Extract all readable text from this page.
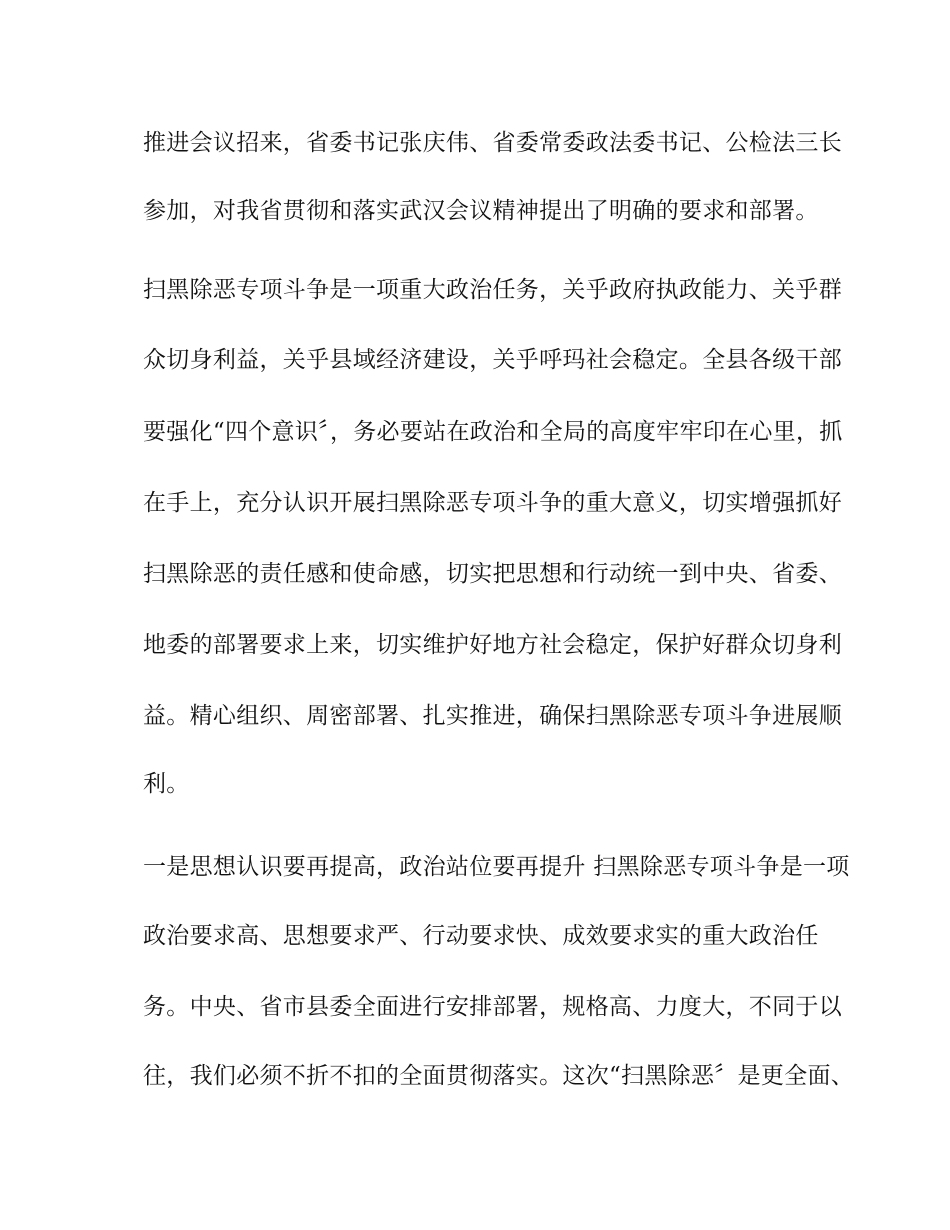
推进会议招来，省委书记张庆伟、省委常委政法委书记、公检法三长

参加，对我省贯彻和落实武汉会议精神提出了明确的要求和部署。

扫黑除恶专项斗争是一项重大政治任务，关乎政府执政能力、关乎群

众切身利益，关乎县域经济建设，关乎呼玛社会稳定。全县各级干部

要强化“四个意识〞，务必要站在政治和全局的高度牢牢印在心里，抓

在手上，充分认识开展扫黑除恶专项斗争的重大意义，切实增强抓好

扫黑除恶的责任感和使命感，切实把思想和行动统一到中央、省委、

地委的部署要求上来，切实维护好地方社会稳定，保护好群众切身利

益。精心组织、周密部署、扎实推进，确保扫黑除恶专项斗争进展顺

利。

一是思想认识要再提高，政治站位要再提升 扫黑除恶专项斗争是一项

政治要求高、思想要求严、行动要求快、成效要求实的重大政治任

务。中央、省市县委全面进行安排部署，规格高、力度大，不同于以

往，我们必须不折不扣的全面贯彻落实。这次“扫黑除恶〞是更全面、
